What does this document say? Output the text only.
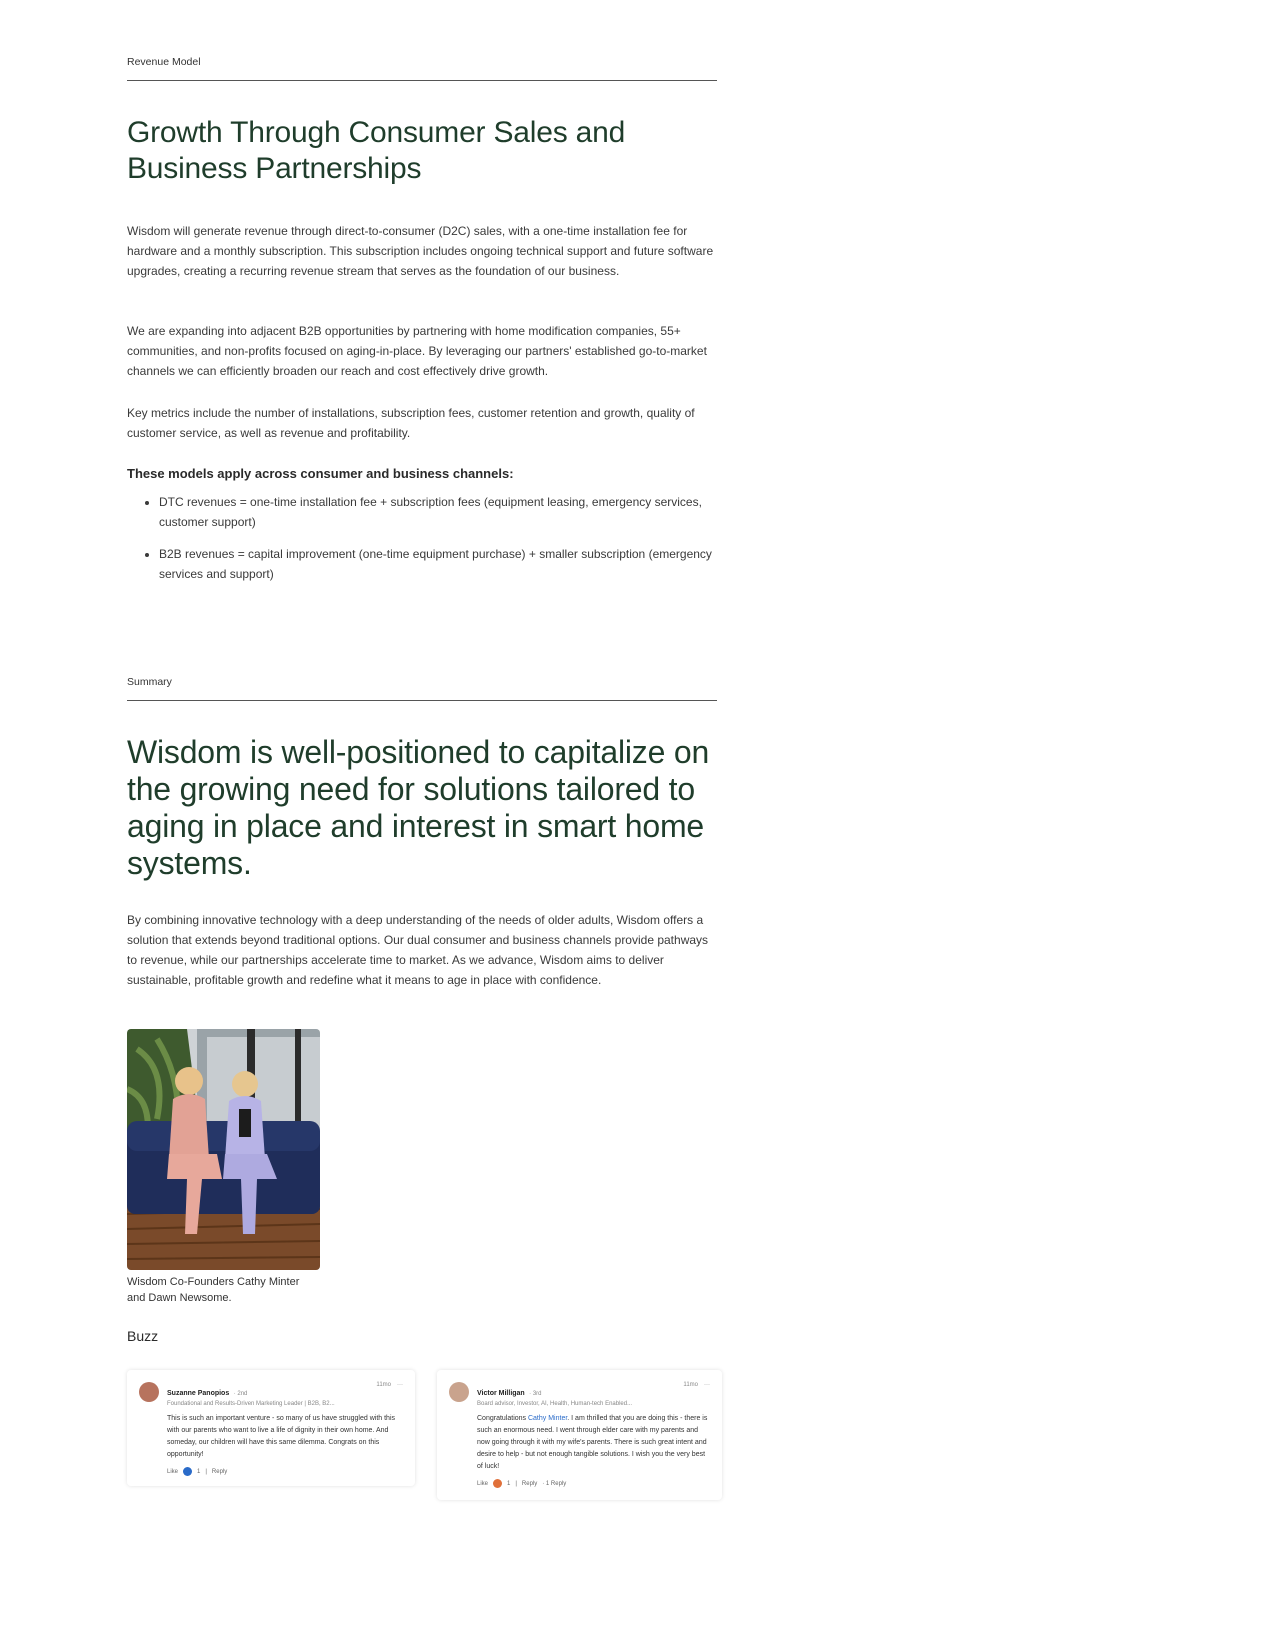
Revenue Model

Growth Through Consumer Sales and
Business Partnerships

Wisdom will generate revenue through direct-to-consumer (D2C) sales, with a one-time installation fee for hardware and a monthly subscription. This subscription includes ongoing technical support and future software upgrades, creating a recurring revenue stream that serves as the foundation of our business.

We are expanding into adjacent B2B opportunities by partnering with home modification companies, 55+ communities, and non-profits focused on aging-in-place. By leveraging our partners' established go-to-market channels we can efficiently broaden our reach and cost effectively drive growth.

Key metrics include the number of installations, subscription fees, customer retention and growth, quality of customer service, as well as revenue and profitability.

These models apply across consumer and business channels:

• DTC revenues = one-time installation fee + subscription fees (equipment leasing, emergency services, customer support)
• B2B revenues = capital improvement (one-time equipment purchase) + smaller subscription (emergency services and support)

Summary

Wisdom is well-positioned to capitalize on
the growing need for solutions tailored to
aging in place and interest in smart home
systems.

By combining innovative technology with a deep understanding of the needs of older adults, Wisdom offers a solution that extends beyond traditional options. Our dual consumer and business channels provide pathways to revenue, while our partnerships accelerate time to market. As we advance, Wisdom aims to deliver sustainable, profitable growth and redefine what it means to age in place with confidence.

Wisdom Co-Founders Cathy Minter
and Dawn Newsome.
Buzz
Suzanne Panopios · 2nd
Foundational and Results-Driven Marketing Leader | B2B, B2...
11mo ···
This is such an important venture - so many of us have struggled with this with our parents who want to live a life of dignity in their own home. And someday, our children will have this same dilemma. Congrats on this opportunity!
Like	1 | Reply
Victor Milligan · 3rd
Board advisor, Investor, AI, Health, Human-tech Enabled...
11mo ···
Congratulations Cathy Minter. I am thrilled that you are doing this - there is such an enormous need. I went through elder care with my parents and now going through it with my wife's parents. There is such great intent and desire to help - but not enough tangible solutions. I wish you the very best of luck!
Like	1 | Reply · 1 Reply
